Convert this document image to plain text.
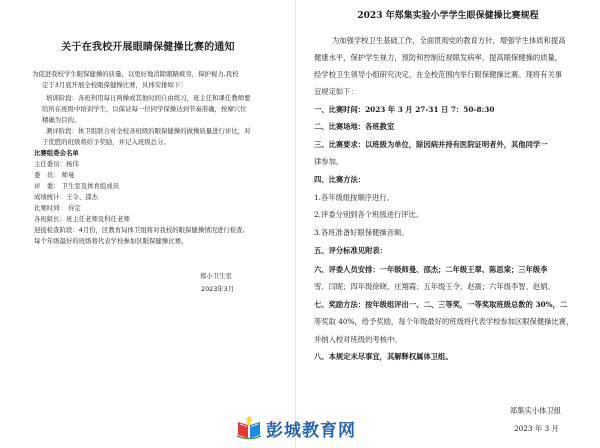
关于在我校开展眼睛保健操比赛的通知
为促进我校学生眼保健操的质量，以更好地消除眼睛疲劳，保护视力,我校
定于3月底开展全校眼保健操比赛，具体安排如下：
培训阶段：各班利用每日两操或其他时间自由练习，班主任和课任教师要
给所在班级中培训学生，以保证每一位同学保操达到节奏准确，按摩穴位
精确为目的。
测评阶段：体卫组联合对全校各班级的眼保健操的做操质量进行评比，对
于优胜的班级将给予奖励，并记入班级总分。
比赛组委会名单
主任委员：杨伟
委　员： 师曼
评　委： 卫生室及体育组成员
成绩统计：王令、邵杰
比赛时间： 待定
各班組长：班主任老师及科任老师
迎接检查阶段：4月份，区教育局体卫组将对我校的眼保健操情况进行检查,
每个年级最好的班级将代表学校参加区眼保健操比赛。
郑小卫生室
2023年3月
2023 年郑集实验小学学生眼保健操比赛规程
为加强学校卫生基础工作，全面贯彻党的教育方针，增强学生体质和提高
健康水平，保护学生视力，预防和控制近视眼发病率，提高眼保健操的质量，
经学校卫生领导小组研究决定，在全校范围内举行眼保健操比赛。现将有关事
宜规定如下：
一、比赛时间：2023 年 3 月 27-31 日 7：50-8:30
二、比赛场地：各班教室
三、比赛要求：以班级为单位，除因病并持有医院证明者外，其他同学一
律参加。
四、比赛方法：
1.各年级组按顺序进行。
2.评委分别到各个班级进行评比。
3.各班准备好眼保健操音频。
五、评分标准见附表：
六、评委人员安排：一年级师曼、邵杰；二年级王翠、陈思棠；三年级李
雪、闫昵；四年级徐晓、庄翔霞；五年级王令、赵震；六年级李智、赵娟。
七、奖励方法：按年级组评出一、二、三等奖，一等奖取班级总数的 30%，二
等奖取 40%，给予奖励，每个年级最好的班级将代表学校参加区眼保健操比赛，
并纳入校对班级的考核中。
八、本规定未尽事宜，其解释权属体卫组。
郑集实小体卫组
2023 年 3 月
彭城教育网
